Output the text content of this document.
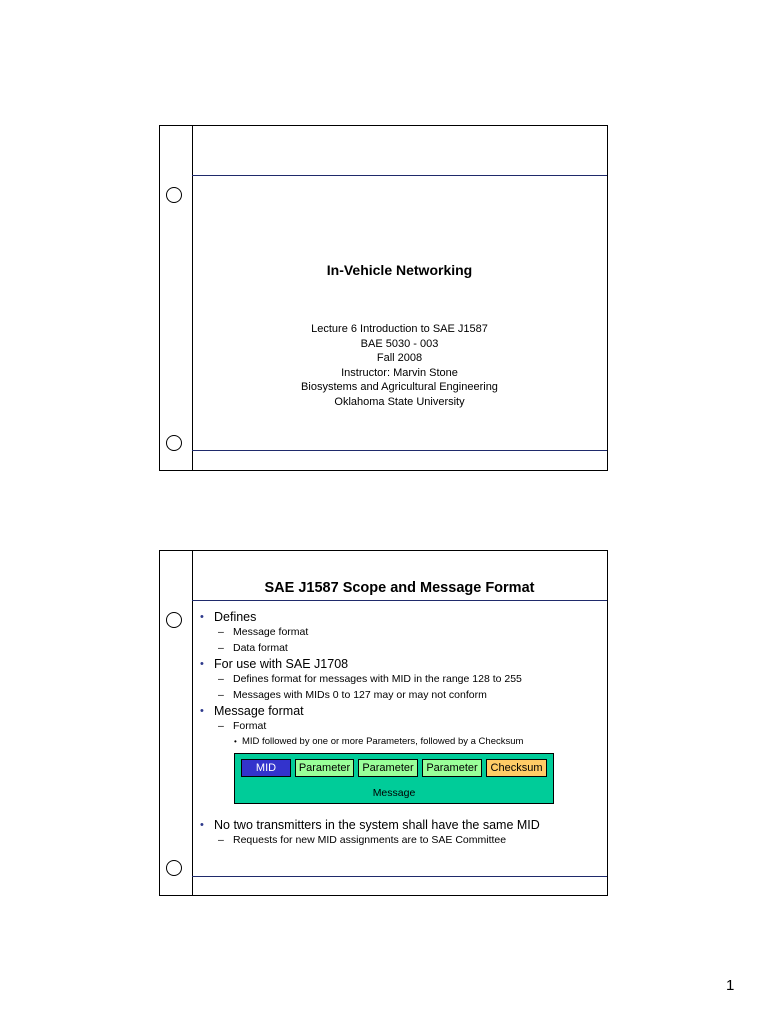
In-Vehicle Networking
Lecture 6 Introduction to SAE J1587
BAE 5030 - 003
Fall 2008
Instructor: Marvin Stone
Biosystems and Agricultural Engineering
Oklahoma State University
SAE J1587 Scope and Message Format
• Defines
– Message format
– Data format
• For use with SAE J1708
– Defines format for messages with MID in the range 128 to 255
– Messages with MIDs 0 to 127 may or may not conform
• Message format
– Format
• MID followed by one or more Parameters, followed by a Checksum
MID	Parameter	Parameter	Parameter	Checksum
Message
• No two transmitters in the system shall have the same MID
– Requests for new MID assignments are to SAE Committee
1
